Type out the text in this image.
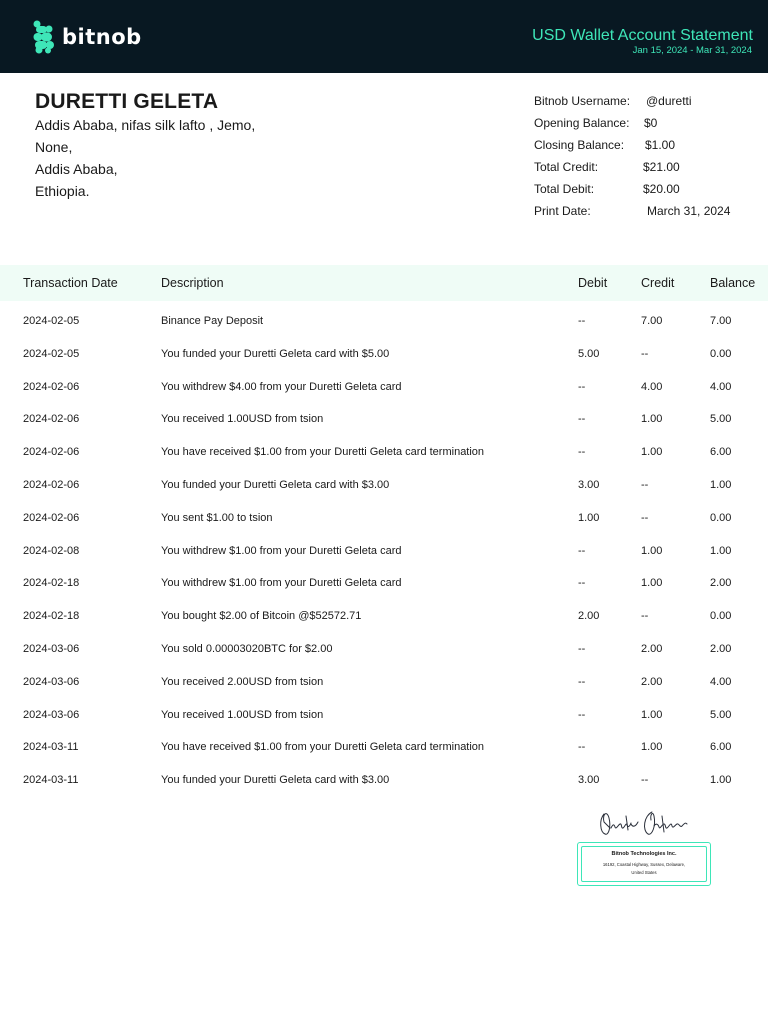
bitnob	USD Wallet Account Statement
Jan 15, 2024 - Mar 31, 2024
DURETTI GELETA
Addis Ababa, nifas silk lafto , Jemo,
None,
Addis Ababa,
Ethiopia.
Bitnob Username: @duretti
Opening Balance: $0
Closing Balance: $1.00
Total Credit:	$21.00
Total Debit:	$20.00
Print Date:	March 31, 2024
Transaction Date	Description	Debit	Credit	Balance
2024-02-05	Binance Pay Deposit	--	7.00	7.00
2024-02-05	You funded your Duretti Geleta card with $5.00	5.00	--	0.00
2024-02-06	You withdrew $4.00 from your Duretti Geleta card	--	4.00	4.00
2024-02-06	You received 1.00USD from tsion	--	1.00	5.00
2024-02-06	You have received $1.00 from your Duretti Geleta card termination	--	1.00	6.00
2024-02-06	You funded your Duretti Geleta card with $3.00	3.00	--	1.00
2024-02-06	You sent $1.00 to tsion	1.00	--	0.00
2024-02-08	You withdrew $1.00 from your Duretti Geleta card	--	1.00	1.00
2024-02-18	You withdrew $1.00 from your Duretti Geleta card	--	1.00	2.00
2024-02-18	You bought $2.00 of Bitcoin @$52572.71	2.00	--	0.00
2024-03-06	You sold 0.00003020BTC for $2.00	--	2.00	2.00
2024-03-06	You received 2.00USD from tsion	--	2.00	4.00
2024-03-06	You received 1.00USD from tsion	--	1.00	5.00
2024-03-11	You have received $1.00 from your Duretti Geleta card termination	--	1.00	6.00
2024-03-11	You funded your Duretti Geleta card with $3.00	3.00	--	1.00
Bitnob Technologies Inc.
16192, Coastal Highway, Sussex, Delaware,
United States
